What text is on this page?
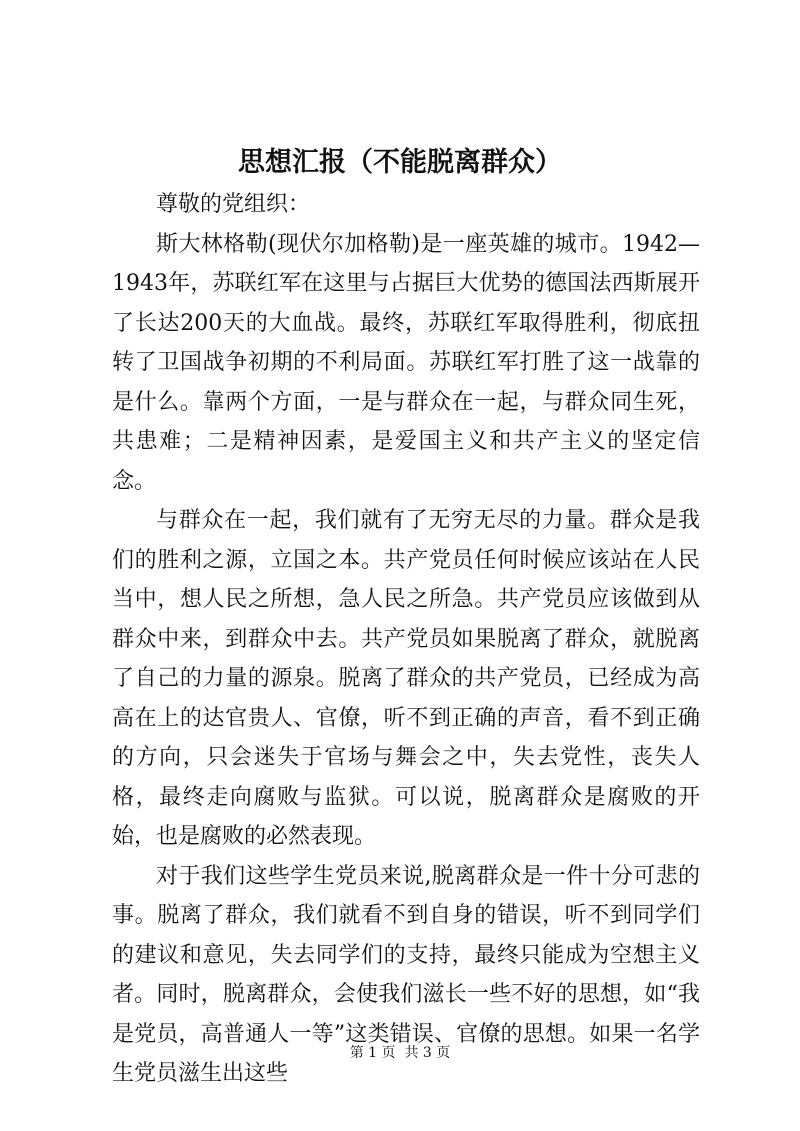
思想汇报（不能脱离群众）

尊敬的党组织：

斯大林格勒(现伏尔加格勒)是一座英雄的城市。1942—1943年，苏联红军在这里与占据巨大优势的德国法西斯展开了长达200天的大血战。最终，苏联红军取得胜利，彻底扭转了卫国战争初期的不利局面。苏联红军打胜了这一战靠的是什么。靠两个方面，一是与群众在一起，与群众同生死，共患难；二是精神因素，是爱国主义和共产主义的坚定信念。

与群众在一起，我们就有了无穷无尽的力量。群众是我们的胜利之源，立国之本。共产党员任何时候应该站在人民当中，想人民之所想，急人民之所急。共产党员应该做到从群众中来，到群众中去。共产党员如果脱离了群众，就脱离了自己的力量的源泉。脱离了群众的共产党员，已经成为高高在上的达官贵人、官僚，听不到正确的声音，看不到正确的方向，只会迷失于官场与舞会之中，失去党性，丧失人格，最终走向腐败与监狱。可以说，脱离群众是腐败的开始，也是腐败的必然表现。

对于我们这些学生党员来说,脱离群众是一件十分可悲的事。脱离了群众，我们就看不到自身的错误，听不到同学们的建议和意见，失去同学们的支持，最终只能成为空想主义者。同时，脱离群众，会使我们滋长一些不好的思想，如“我是党员，高普通人一等”这类错误、官僚的思想。如果一名学生党员滋生出这些

第 1 页  共 3 页
